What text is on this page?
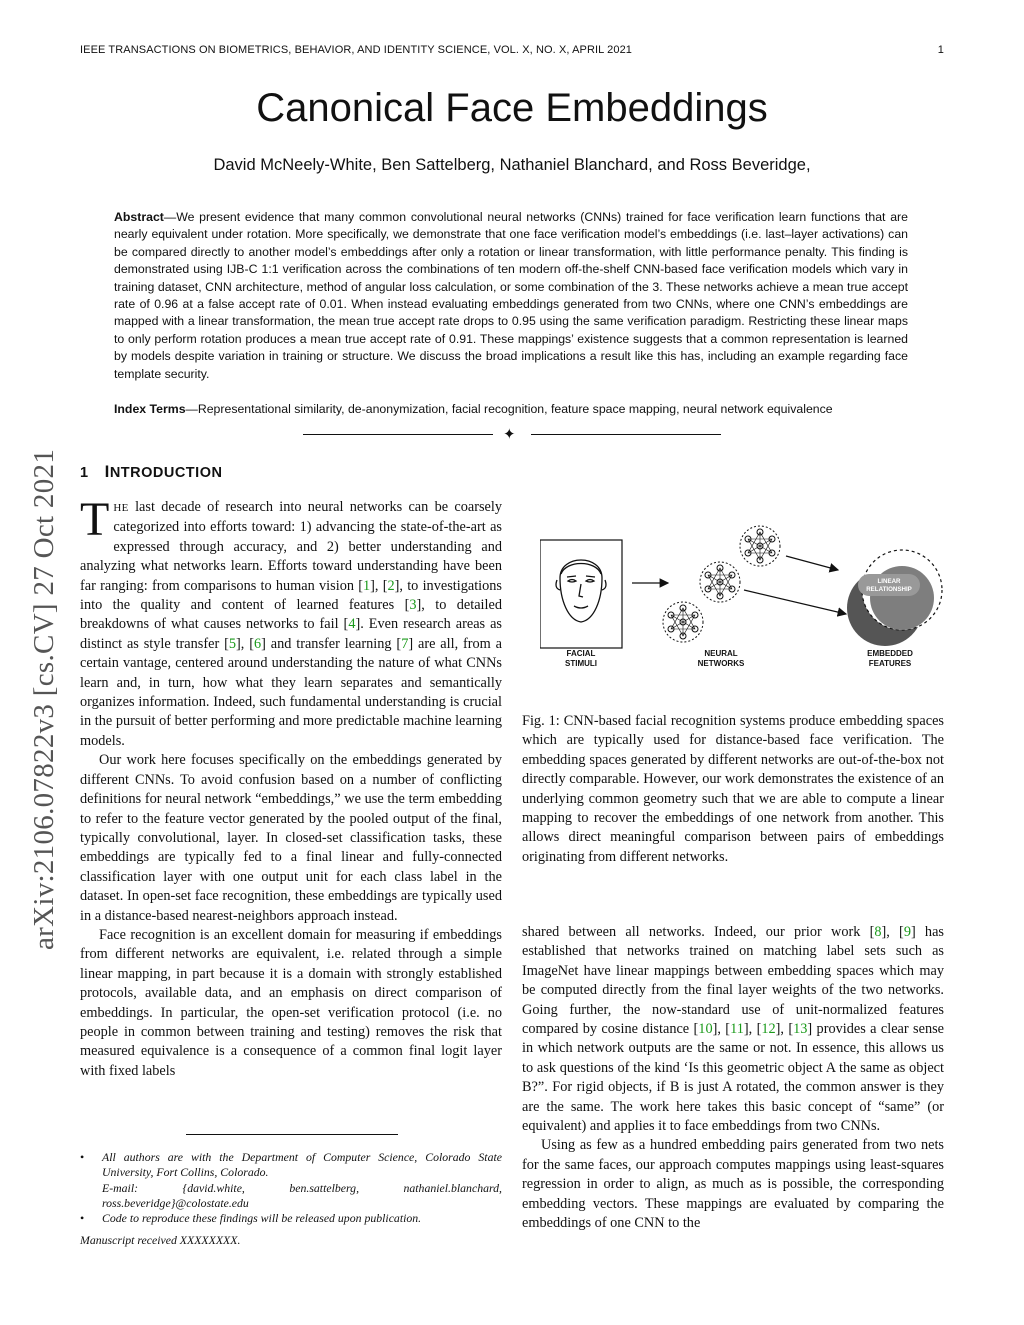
IEEE TRANSACTIONS ON BIOMETRICS, BEHAVIOR, AND IDENTITY SCIENCE, VOL. X, NO. X, APRIL 2021	1
Canonical Face Embeddings
David McNeely-White, Ben Sattelberg, Nathaniel Blanchard, and Ross Beveridge,
Abstract—We present evidence that many common convolutional neural networks (CNNs) trained for face verification learn functions that are nearly equivalent under rotation. More specifically, we demonstrate that one face verification model’s embeddings (i.e. last–layer activations) can be compared directly to another model’s embeddings after only a rotation or linear transformation, with little performance penalty. This finding is demonstrated using IJB-C 1:1 verification across the combinations of ten modern off-the-shelf CNN-based face verification models which vary in training dataset, CNN architecture, method of angular loss calculation, or some combination of the 3. These networks achieve a mean true accept rate of 0.96 at a false accept rate of 0.01. When instead evaluating embeddings generated from two CNNs, where one CNN’s embeddings are mapped with a linear transformation, the mean true accept rate drops to 0.95 using the same verification paradigm. Restricting these linear maps to only perform rotation produces a mean true accept rate of 0.91. These mappings’ existence suggests that a common representation is learned by models despite variation in training or structure. We discuss the broad implications a result like this has, including an example regarding face template security.
Index Terms—Representational similarity, de-anonymization, facial recognition, feature space mapping, neural network equivalence
✦
arXiv:2106.07822v3 [cs.CV] 27 Oct 2021 1 INTRODUCTION

THE last decade of research into neural networks can be coarsely categorized into efforts toward: 1) advancing the state-of-the-art as expressed through accuracy, and 2) better understanding and analyzing what networks learn. Efforts toward understanding have been far ranging: from comparisons to human vision [1], [2], to investigations into the quality and content of learned features [3], to detailed breakdowns of what causes networks to fail [4]. Even research areas as distinct as style transfer [5], [6] and transfer learning [7] are all, from a certain vantage, centered around understanding the nature of what CNNs learn and, in turn, how what they learn separates and semantically organizes information. Indeed, such fundamental understanding is crucial in the pursuit of better performing and more predictable machine learning models.

Our work here focuses specifically on the embeddings generated by different CNNs. To avoid confusion based on a number of conflicting definitions for neural network “embeddings,” we use the term embedding to refer to the feature vector generated by the pooled output of the final, typically convolutional, layer. In closed-set classification tasks, these embeddings are typically fed to a final linear and fully-connected classification layer with one output unit for each class label in the dataset. In open-set face recognition, these embeddings are typically used in a distance-based nearest-neighbors approach instead.

Face recognition is an excellent domain for measuring if embeddings from different networks are equivalent, i.e. related through a simple linear mapping, in part because it is a domain with strongly established protocols, available data, and an emphasis on direct comparison of embeddings. In particular, the open-set verification protocol (i.e. no people in common between training and testing) removes the risk that measured equivalence is a consequence of a common final logit layer with fixed labels

LINEAR
RELATIONSHIP
FACIAL
STIMULI
NEURAL
NETWORKS
EMBEDDED
FEATURES
Fig. 1: CNN-based facial recognition systems produce embedding spaces which are typically used for distance-based face verification. The embedding spaces generated by different networks are out-of-the-box not directly comparable. However, our work demonstrates the existence of an underlying common geometry such that we are able to compute a linear mapping to recover the embeddings of one network from another. This allows direct meaningful comparison between pairs of embeddings originating from different networks.

shared between all networks. Indeed, our prior work [8], [9] has established that networks trained on matching label sets such as ImageNet have linear mappings between embedding spaces which may be computed directly from the final layer weights of the two networks. Going further, the now-standard use of unit-normalized features compared by cosine distance [10], [11], [12], [13] provides a clear sense in which network outputs are the same or not. In essence, this allows us to ask questions of the kind ‘Is this geometric object A the same as object B?”. For rigid objects, if B is just A rotated, the common answer is they are the same. The work here takes this basic concept of “same” (or equivalent) and applies it to face embeddings from two CNNs.

Using as few as a hundred embedding pairs generated from two nets for the same faces, our approach computes mappings using least-squares regression in order to align, as much as is possible, the corresponding embedding vectors. These mappings are evaluated by comparing the embeddings of one CNN to the

• All authors are with the Department of Computer Science, Colorado State University, Fort Collins, Colorado.
E-mail: {david.white, ben.sattelberg, nathaniel.blanchard, ross.beveridge}@colostate.edu
• Code to reproduce these findings will be released upon publication.
Manuscript received XXXXXXXX.
